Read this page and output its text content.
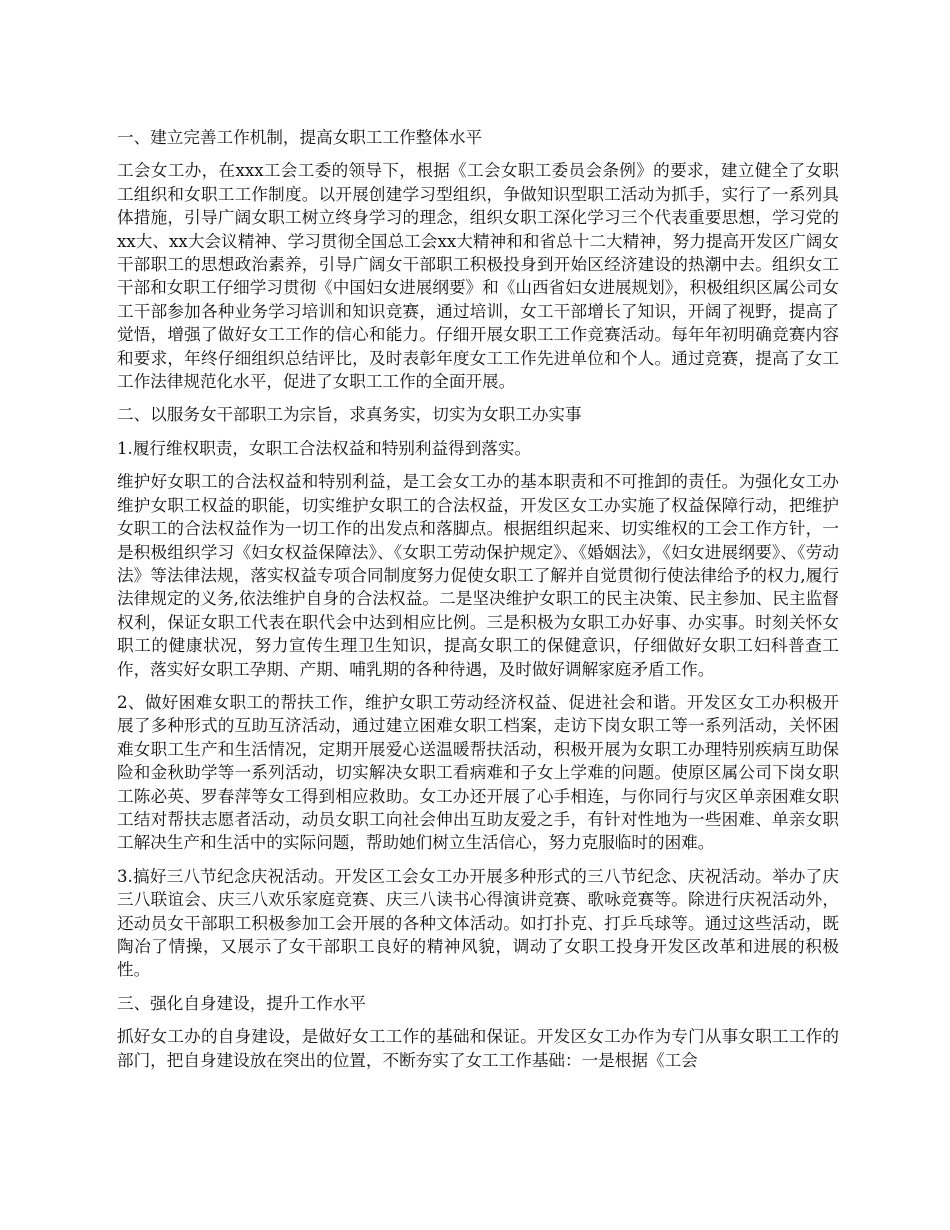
一、建立完善工作机制，提高女职工工作整体水平

工会女工办，在xxx工会工委的领导下，根据《工会女职工委员会条例》的要求，建立健全了女职工组织和女职工工作制度。以开展创建学习型组织，争做知识型职工活动为抓手，实行了一系列具体措施，引导广阔女职工树立终身学习的理念，组织女职工深化学习三个代表重要思想，学习党的xx大、xx大会议精神、学习贯彻全国总工会xx大精神和和省总十二大精神，努力提高开发区广阔女干部职工的思想政治素养，引导广阔女干部职工积极投身到开始区经济建设的热潮中去。组织女工干部和女职工仔细学习贯彻《中国妇女进展纲要》和《山西省妇女进展规划》，积极组织区属公司女工干部参加各种业务学习培训和知识竞赛，通过培训，女工干部增长了知识，开阔了视野，提高了觉悟，增强了做好女工工作的信心和能力。仔细开展女职工工作竞赛活动。每年年初明确竞赛内容和要求，年终仔细组织总结评比，及时表彰年度女工工作先进单位和个人。通过竞赛，提高了女工工作法律规范化水平，促进了女职工工作的全面开展。

二、以服务女干部职工为宗旨，求真务实，切实为女职工办实事

1.履行维权职责，女职工合法权益和特别利益得到落实。

维护好女职工的合法权益和特别利益，是工会女工办的基本职责和不可推卸的责任。为强化女工办维护女职工权益的职能，切实维护女职工的合法权益，开发区女工办实施了权益保障行动，把维护女职工的合法权益作为一切工作的出发点和落脚点。根据组织起来、切实维权的工会工作方针，一是积极组织学习《妇女权益保障法》、《女职工劳动保护规定》、《婚姻法》，《妇女进展纲要》、《劳动法》等法律法规，落实权益专项合同制度努力促使女职工了解并自觉贯彻行使法律给予的权力,履行法律规定的义务,依法维护自身的合法权益。二是坚决维护女职工的民主决策、民主参加、民主监督权利，保证女职工代表在职代会中达到相应比例。三是积极为女职工办好事、办实事。时刻关怀女职工的健康状况，努力宣传生理卫生知识，提高女职工的保健意识，仔细做好女职工妇科普查工作，落实好女职工孕期、产期、哺乳期的各种待遇，及时做好调解家庭矛盾工作。

2、做好困难女职工的帮扶工作，维护女职工劳动经济权益、促进社会和谐。开发区女工办积极开展了多种形式的互助互济活动，通过建立困难女职工档案，走访下岗女职工等一系列活动，关怀困难女职工生产和生活情况，定期开展爱心送温暖帮扶活动，积极开展为女职工办理特别疾病互助保险和金秋助学等一系列活动，切实解决女职工看病难和子女上学难的问题。使原区属公司下岗女职工陈必英、罗春萍等女工得到相应救助。女工办还开展了心手相连，与你同行与灾区单亲困难女职工结对帮扶志愿者活动，动员女职工向社会伸出互助友爱之手，有针对性地为一些困难、单亲女职工解决生产和生活中的实际问题，帮助她们树立生活信心，努力克服临时的困难。

3.搞好三八节纪念庆祝活动。开发区工会女工办开展多种形式的三八节纪念、庆祝活动。举办了庆三八联谊会、庆三八欢乐家庭竞赛、庆三八读书心得演讲竞赛、歌咏竞赛等。除进行庆祝活动外，还动员女干部职工积极参加工会开展的各种文体活动。如打扑克、打乒乓球等。通过这些活动，既陶冶了情操，又展示了女干部职工良好的精神风貌，调动了女职工投身开发区改革和进展的积极性。

三、强化自身建设，提升工作水平

抓好女工办的自身建设，是做好女工工作的基础和保证。开发区女工办作为专门从事女职工工作的部门，把自身建设放在突出的位置，不断夯实了女工工作基础：一是根据《工会
